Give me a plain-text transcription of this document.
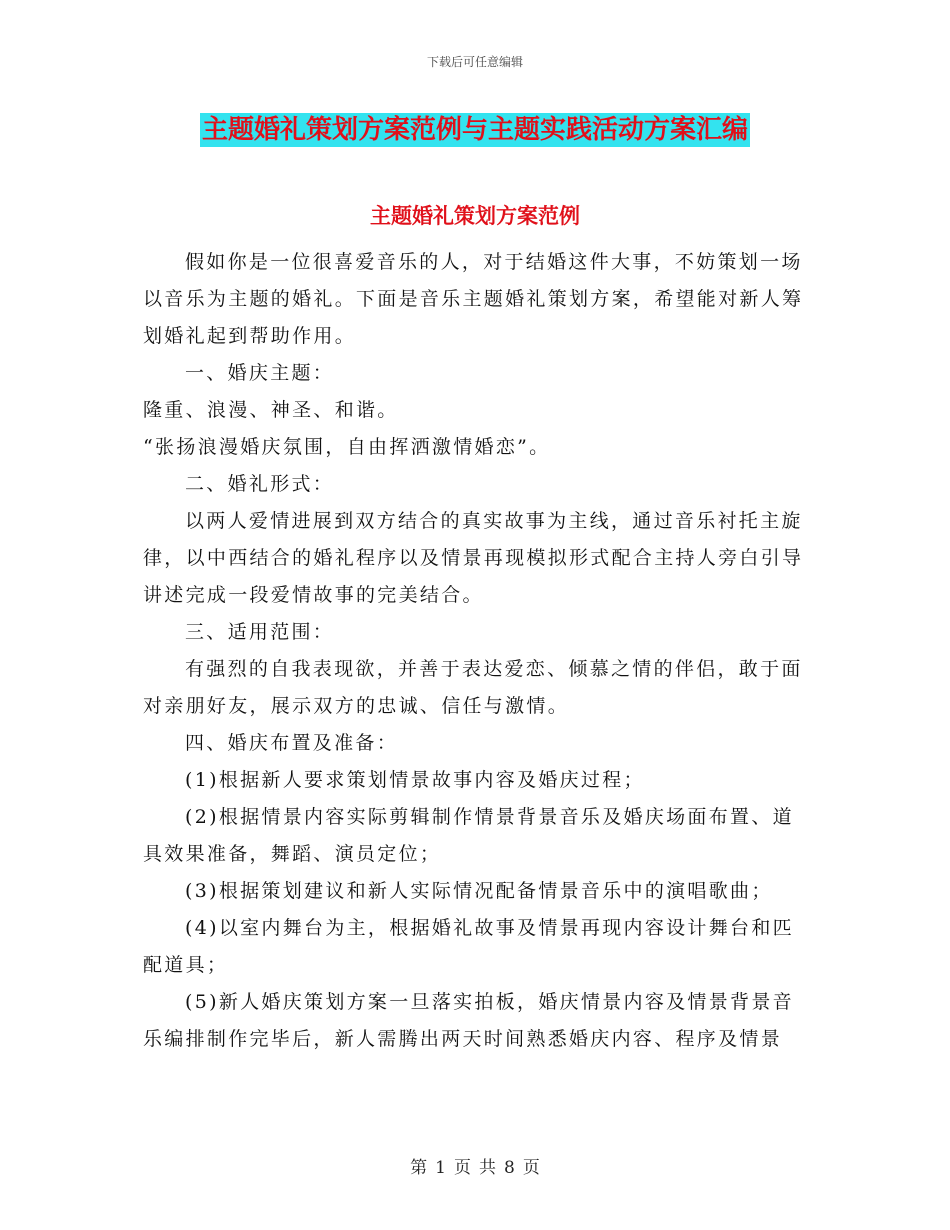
下载后可任意编辑
主题婚礼策划方案范例与主题实践活动方案汇编
主题婚礼策划方案范例

假如你是一位很喜爱音乐的人，对于结婚这件大事，不妨策划一场以音乐为主题的婚礼。下面是音乐主题婚礼策划方案，希望能对新人筹划婚礼起到帮助作用。

一、婚庆主题：

隆重、浪漫、神圣、和谐。

“张扬浪漫婚庆氛围，自由挥洒激情婚恋”。

二、婚礼形式：

以两人爱情进展到双方结合的真实故事为主线，通过音乐衬托主旋律，以中西结合的婚礼程序以及情景再现模拟形式配合主持人旁白引导讲述完成一段爱情故事的完美结合。

三、适用范围：

有强烈的自我表现欲，并善于表达爱恋、倾慕之情的伴侣，敢于面对亲朋好友，展示双方的忠诚、信任与激情。

四、婚庆布置及准备：

(1)根据新人要求策划情景故事内容及婚庆过程；

(2)根据情景内容实际剪辑制作情景背景音乐及婚庆场面布置、道具效果准备，舞蹈、演员定位；

(3)根据策划建议和新人实际情况配备情景音乐中的演唱歌曲；

(4)以室内舞台为主，根据婚礼故事及情景再现内容设计舞台和匹配道具；

(5)新人婚庆策划方案一旦落实拍板，婚庆情景内容及情景背景音乐编排制作完毕后，新人需腾出两天时间熟悉婚庆内容、程序及情景

第 1 页 共 8 页
